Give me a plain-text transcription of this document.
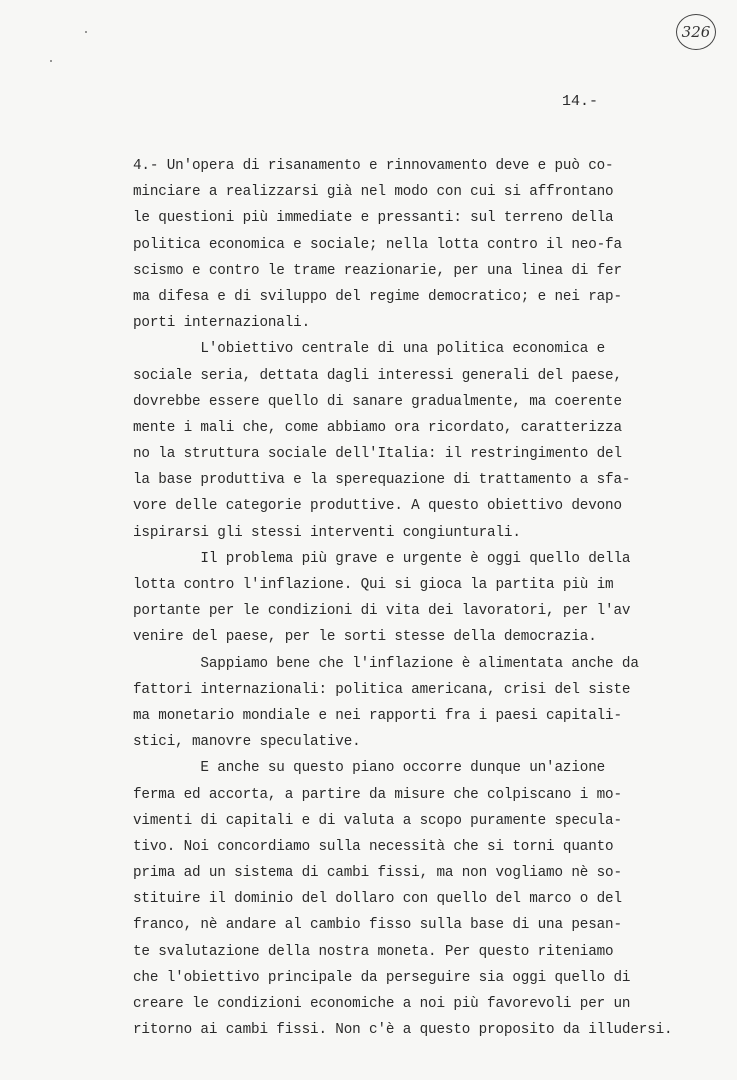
326
14.-
4.- Un'opera di risanamento e rinnovamento deve e può co-
minciare a realizzarsi già nel modo con cui si affrontano
le questioni più immediate e pressanti: sul terreno della
politica economica e sociale; nella lotta contro il neo-fa
scismo e contro le trame reazionarie, per una linea di fer
ma difesa e di sviluppo del regime democratico; e nei rap-
porti internazionali.
L'obiettivo centrale di una politica economica e
sociale seria, dettata dagli interessi generali del paese,
dovrebbe essere quello di sanare gradualmente, ma coerente
mente i mali che, come abbiamo ora ricordato, caratterizza
no la struttura sociale dell'Italia: il restringimento del
la base produttiva e la sperequazione di trattamento a sfa-
vore delle categorie produttive. A questo obiettivo devono
ispirarsi gli stessi interventi congiunturali.
Il problema più grave e urgente è oggi quello della
lotta contro l'inflazione. Qui si gioca la partita più im
portante per le condizioni di vita dei lavoratori, per l'av
venire del paese, per le sorti stesse della democrazia.
Sappiamo bene che l'inflazione è alimentata anche da
fattori internazionali: politica americana, crisi del siste
ma monetario mondiale e nei rapporti fra i paesi capitali-
stici, manovre speculative.
E anche su questo piano occorre dunque un'azione
ferma ed accorta, a partire da misure che colpiscano i mo-
vimenti di capitali e di valuta a scopo puramente specula-
tivo. Noi concordiamo sulla necessità che si torni quanto
prima ad un sistema di cambi fissi, ma non vogliamo nè so-
stituire il dominio del dollaro con quello del marco o del
franco, nè andare al cambio fisso sulla base di una pesan-
te svalutazione della nostra moneta. Per questo riteniamo
che l'obiettivo principale da perseguire sia oggi quello di
creare le condizioni economiche a noi più favorevoli per un
ritorno ai cambi fissi. Non c'è a questo proposito da illudersi.
